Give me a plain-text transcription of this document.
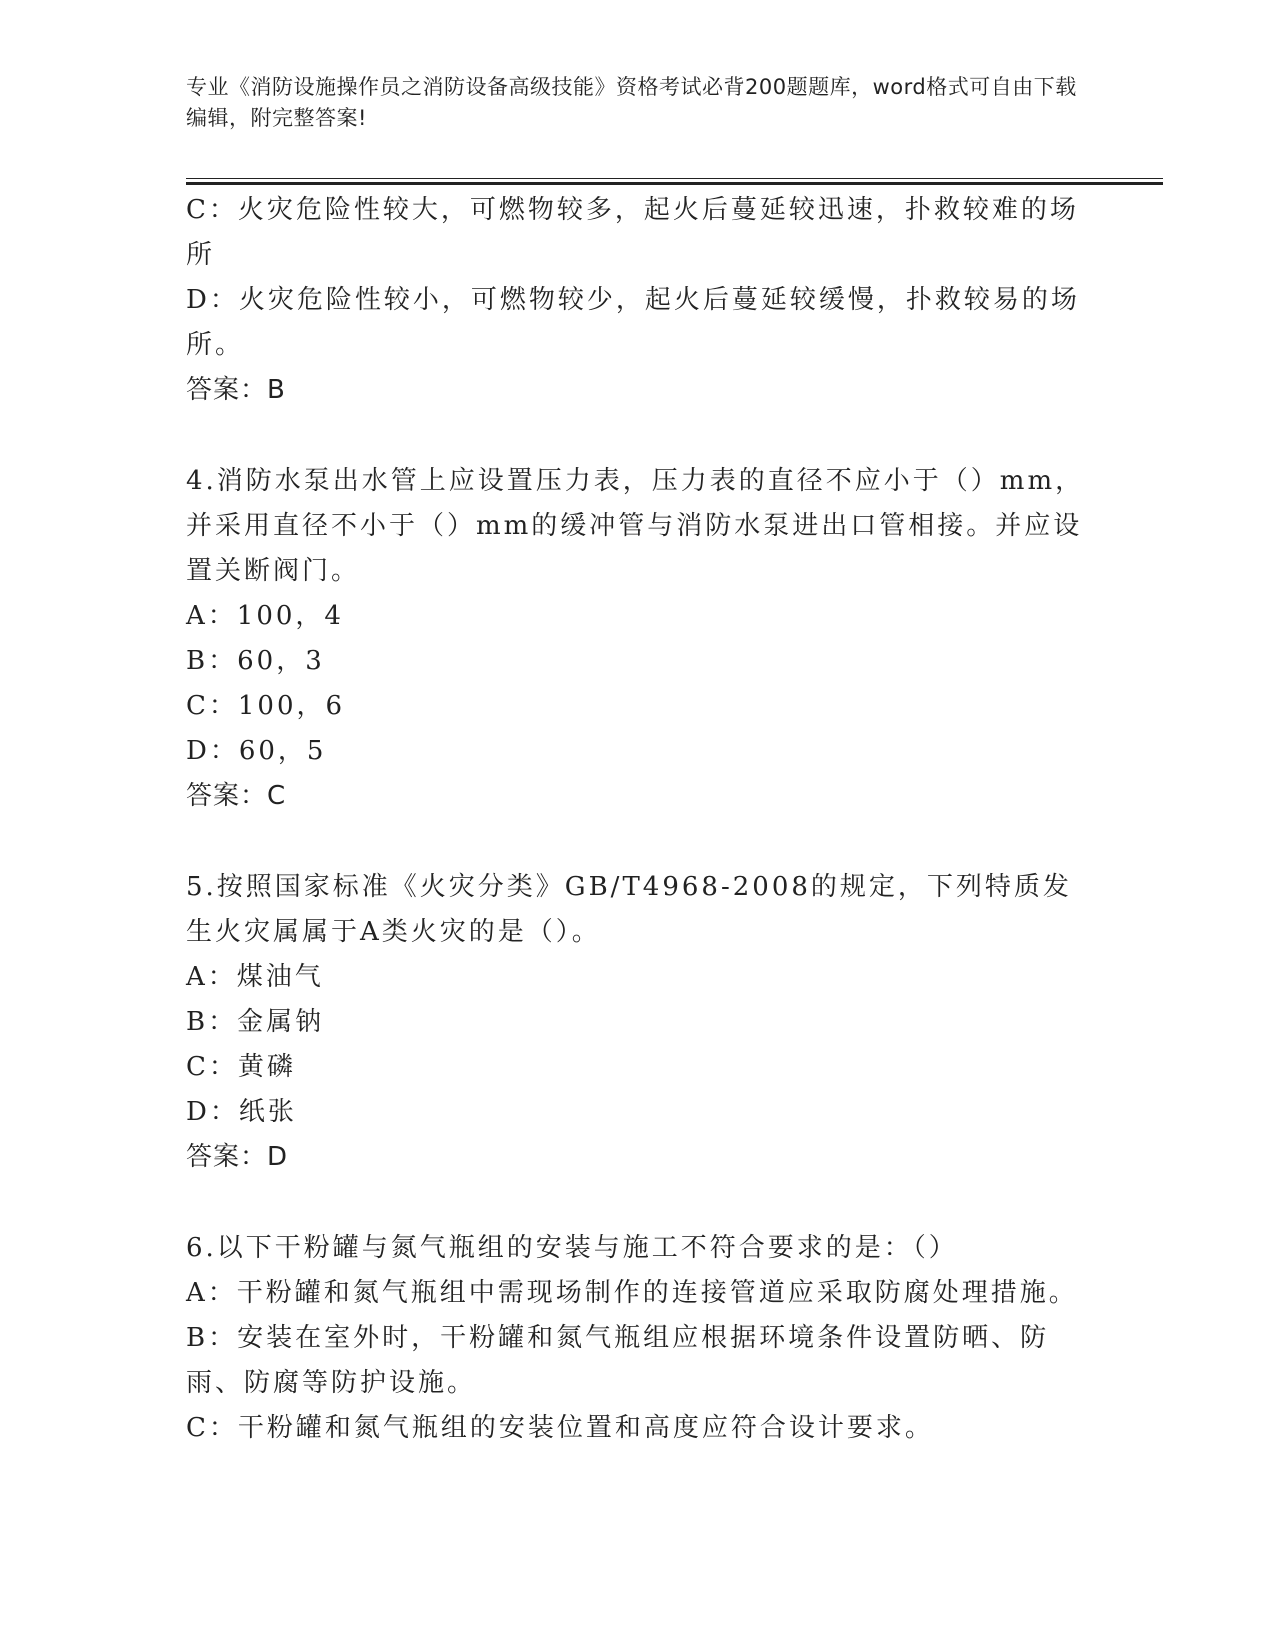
专业《消防设施操作员之消防设备高级技能》资格考试必背200题题库，word格式可自由下载编辑，附完整答案!

C：火灾危险性较大，可燃物较多，起火后蔓延较迅速，扑救较难的场所

D：火灾危险性较小，可燃物较少，起火后蔓延较缓慢，扑救较易的场所。

答案：B

4.消防水泵出水管上应设置压力表，压力表的直径不应小于（）mm，并采用直径不小于（）mm的缓冲管与消防水泵进出口管相接。并应设置关断阀门。

A：100，4

B：60，3

C：100，6

D：60，5

答案：C

5.按照国家标准《火灾分类》GB/T4968-2008的规定，下列特质发生火灾属属于A类火灾的是（）。

A：煤油气

B：金属钠

C：黄磷

D：纸张

答案：D

6.以下干粉罐与氮气瓶组的安装与施工不符合要求的是：（）

A：干粉罐和氮气瓶组中需现场制作的连接管道应采取防腐处理措施。

B：安装在室外时，干粉罐和氮气瓶组应根据环境条件设置防晒、防雨、防腐等防护设施。

C：干粉罐和氮气瓶组的安装位置和高度应符合设计要求。
